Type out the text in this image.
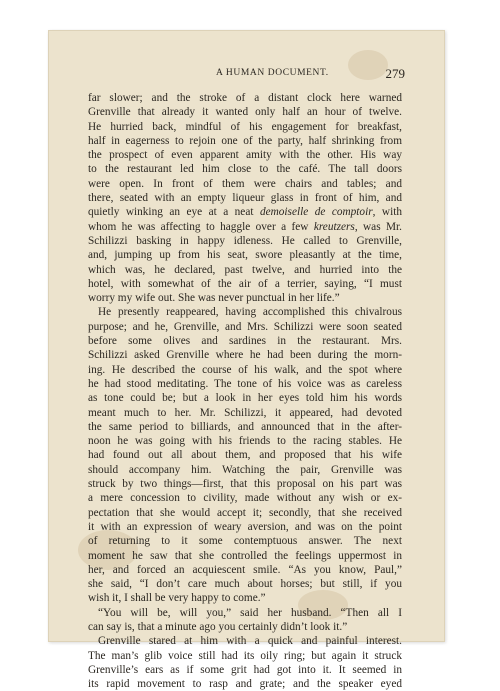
A HUMAN DOCUMENT.	279
far slower; and the stroke of a distant clock here warned
Grenville that already it wanted only half an hour of twelve.
He hurried back, mindful of his engagement for breakfast,
half in eagerness to rejoin one of the party, half shrinking from
the prospect of even apparent amity with the other. His way
to the restaurant led him close to the café. The tall doors
were open. In front of them were chairs and tables; and
there, seated with an empty liqueur glass in front of him, and
quietly winking an eye at a neat demoiselle de comptoir, with
whom he was affecting to haggle over a few kreutzers, was Mr.
Schilizzi basking in happy idleness. He called to Grenville,
and, jumping up from his seat, swore pleasantly at the time,
which was, he declared, past twelve, and hurried into the
hotel, with somewhat of the air of a terrier, saying, “I must
worry my wife out. She was never punctual in her life.”
He presently reappeared, having accomplished this chivalrous
purpose; and he, Grenville, and Mrs. Schilizzi were soon seated
before some olives and sardines in the restaurant. Mrs.
Schilizzi asked Grenville where he had been during the morn-
ing. He described the course of his walk, and the spot where
he had stood meditating. The tone of his voice was as careless
as tone could be; but a look in her eyes told him his words
meant much to her. Mr. Schilizzi, it appeared, had devoted
the same period to billiards, and announced that in the after-
noon he was going with his friends to the racing stables. He
had found out all about them, and proposed that his wife
should accompany him. Watching the pair, Grenville was
struck by two things—first, that this proposal on his part was
a mere concession to civility, made without any wish or ex-
pectation that she would accept it; secondly, that she received
it with an expression of weary aversion, and was on the point
of returning to it some contemptuous answer. The next
moment he saw that she controlled the feelings uppermost in
her, and forced an acquiescent smile. “As you know, Paul,”
she said, “I don’t care much about horses; but still, if you
wish it, I shall be very happy to come.”
“You will be, will you,” said her husband. “Then all I
can say is, that a minute ago you certainly didn’t look it.”
Grenville stared at him with a quick and painful interest.
The man’s glib voice still had its oily ring; but again it struck
Grenville’s ears as if some grit had got into it. It seemed in
its rapid movement to rasp and grate; and the speaker eyed
